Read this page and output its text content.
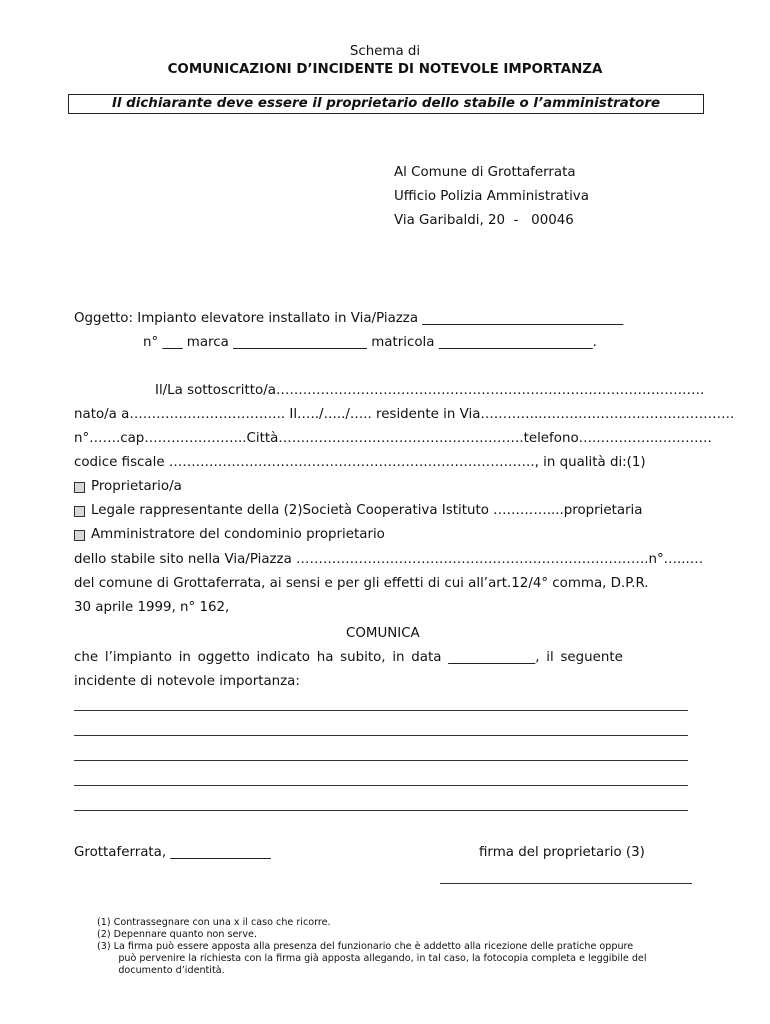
Schema di
COMUNICAZIONI D’INCIDENTE DI NOTEVOLE IMPORTANZA
Il dichiarante deve essere il proprietario dello stabile o l’amministratore
Al Comune di Grottaferrata
Ufficio Polizia Amministrativa
Via Garibaldi, 20  -   00046
Oggetto: Impianto elevatore installato in Via/Piazza ______________________________
n° ___ marca ____________________ matricola _______________________.
Il/La sottoscritto/a……………………………………………………………………………………
nato/a a…………………………….. Il…../…../….. residente in Via…………..…………………………………….
n°…….cap…………………..Città……………………………………………….telefono….…………..…………
codice fiscale ………………………………………………………………………., in qualità di:(1)
Proprietario/a
Legale rappresentante della (2)Società Cooperativa Istituto …………....proprietaria
Amministratore del condominio proprietario
dello stabile sito nella Via/Piazza …………………………………………………………………….n°…...…
del comune di Grottaferrata, ai sensi e per gli effetti di cui all’art.12/4° comma, D.P.R.
30 aprile 1999, n° 162,
COMUNICA
che l’impianto in oggetto indicato ha subito, in data _____________, il seguente
incidente di notevole importanza:
Grottaferrata, _______________	firma del proprietario (3)
(1) Contrassegnare con una x il caso che ricorre.
(2) Depennare quanto non serve.
(3) La firma può essere apposta alla presenza del funzionario che è addetto alla ricezione delle pratiche oppure
può pervenire la richiesta con la firma già apposta allegando, in tal caso, la fotocopia completa e leggibile del
documento d’identità.
